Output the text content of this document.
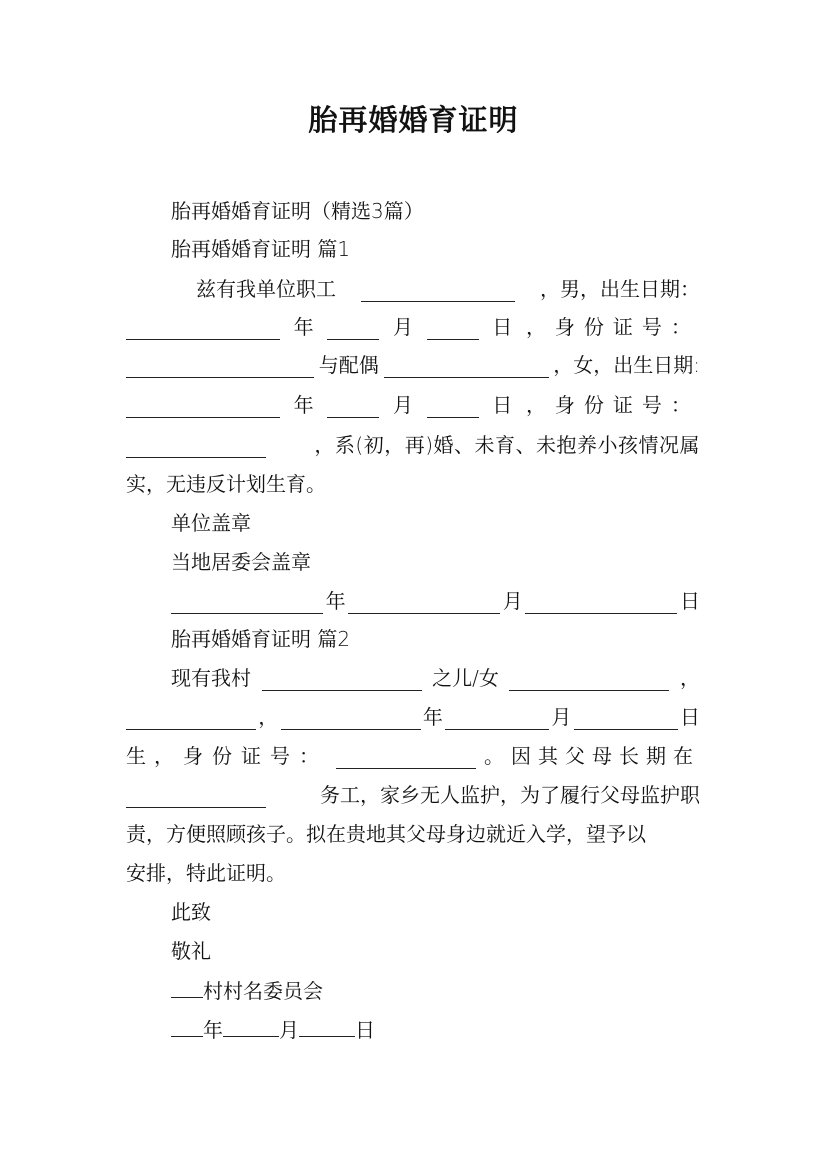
胎再婚婚育证明
胎再婚婚育证明（精选3篇）
胎再婚婚育证明 篇1
兹有我单位职工	，男，出生日期：
年	月	日 ，身份证号：
与配偶	，女，出生日期:
年	月	日 ，身份证号：
，系(初，再)婚、未育、未抱养小孩情况属
实，无违反计划生育。
单位盖章
当地居委会盖章
年	月	日
胎再婚婚育证明 篇2
现有我村	之儿/女	，
，	年	月	日
生 ，身份证号：	。因其父母长期在
务工，家乡无人监护，为了履行父母监护职
责，方便照顾孩子。拟在贵地其父母身边就近入学，望予以
安排，特此证明。
此致
敬礼
村村名委员会
年	月	日
